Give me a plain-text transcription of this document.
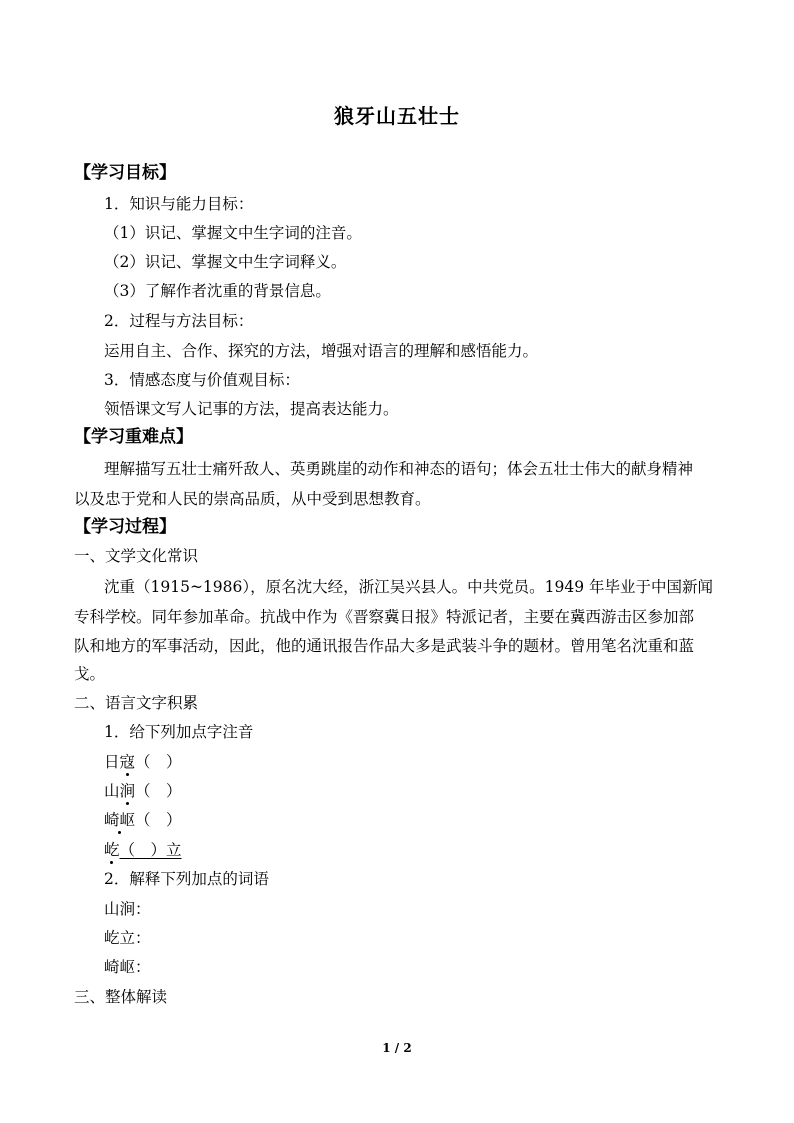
狼牙山五壮士
【学习目标】
1．知识与能力目标：
（1）识记、掌握文中生字词的注音。
（2）识记、掌握文中生字词释义。
（3）了解作者沈重的背景信息。
2．过程与方法目标：
运用自主、合作、探究的方法，增强对语言的理解和感悟能力。
3．情感态度与价值观目标：
领悟课文写人记事的方法，提高表达能力。
【学习重难点】
理解描写五壮士痛歼敌人、英勇跳崖的动作和神态的语句；体会五壮士伟大的献身精神
以及忠于党和人民的崇高品质，从中受到思想教育。
【学习过程】
一、文学文化常识
沈重（1915~1986），原名沈大经，浙江吴兴县人。中共党员。1949 年毕业于中国新闻
专科学校。同年参加革命。抗战中作为《晋察冀日报》特派记者，主要在冀西游击区参加部
队和地方的军事活动，因此，他的通讯报告作品大多是武装斗争的题材。曾用笔名沈重和蓝
戈。
二、语言文字积累
1．给下列加点字注音
日寇（　）
山涧（　）
崎岖（　）
屹（　）立
2．解释下列加点的词语
山涧：
屹立：
崎岖：
三、整体解读
1 / 2
